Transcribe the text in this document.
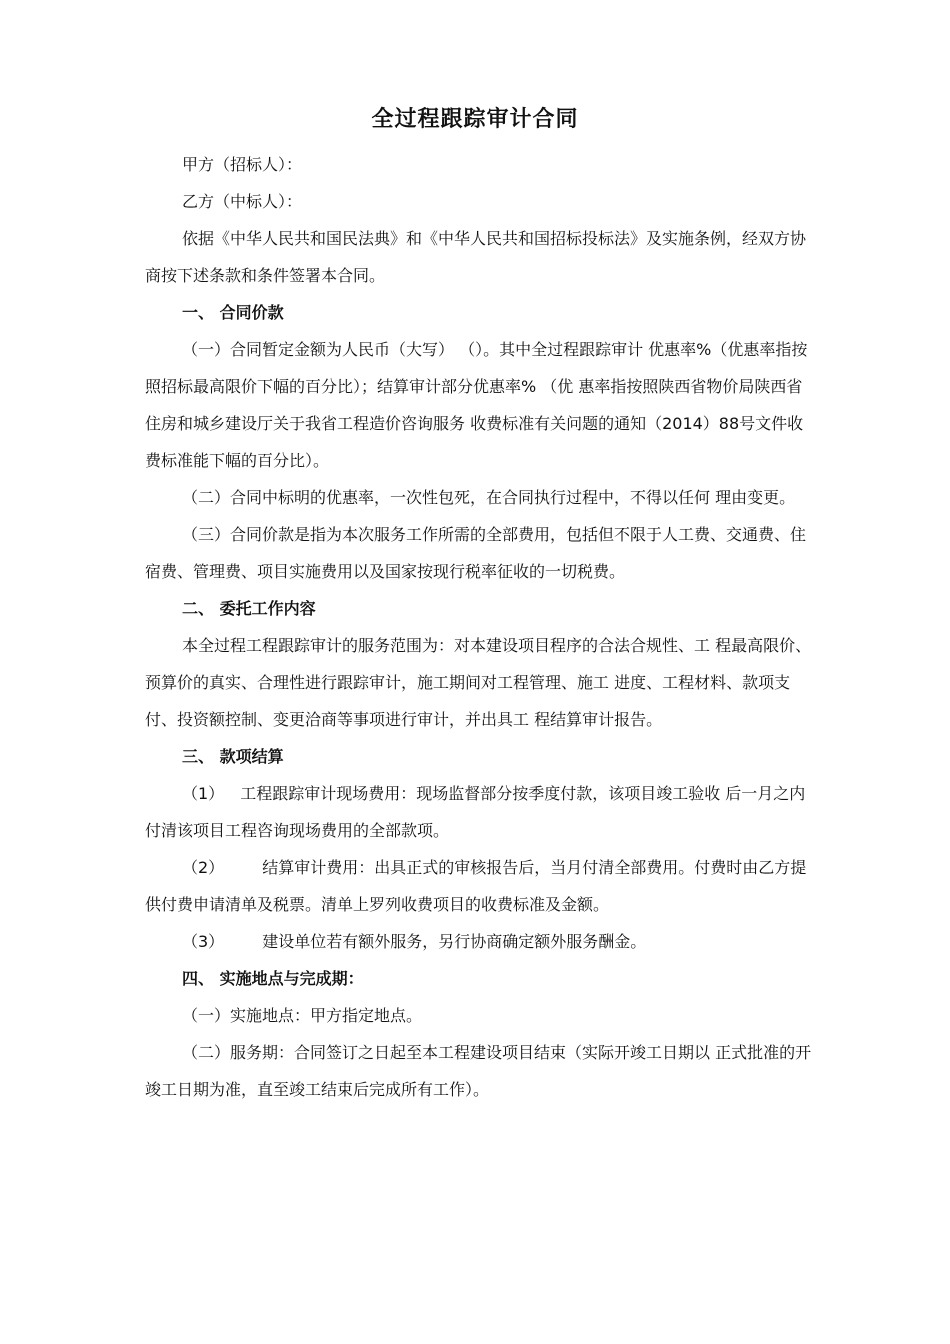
全过程跟踪审计合同

甲方（招标人）：

乙方（中标人）：

依据《中华人民共和国民法典》和《中华人民共和国招标投标法》及实施条例，经双方协商按下述条款和条件签署本合同。

一、 合同价款

（一）合同暂定金额为人民币（大写） （）。其中全过程跟踪审计 优惠率%（优惠率指按照招标最高限价下幅的百分比）；结算审计部分优惠率% （优 惠率指按照陕西省物价局陕西省住房和城乡建设厅关于我省工程造价咨询服务 收费标准有关问题的通知（2014）88号文件收费标准能下幅的百分比）。

（二）合同中标明的优惠率，一次性包死，在合同执行过程中，不得以任何 理由变更。

（三）合同价款是指为本次服务工作所需的全部费用，包括但不限于人工费、交通费、住宿费、管理费、项目实施费用以及国家按现行税率征收的一切税费。

二、 委托工作内容

本全过程工程跟踪审计的服务范围为：对本建设项目程序的合法合规性、工 程最高限价、预算价的真实、合理性进行跟踪审计，施工期间对工程管理、施工 进度、工程材料、款项支付、投资额控制、变更洽商等事项进行审计，并出具工 程结算审计报告。

三、 款项结算

（1） 工程跟踪审计现场费用：现场监督部分按季度付款，该项目竣工验收 后一月之内付清该项目工程咨询现场费用的全部款项。

（2） 结算审计费用：出具正式的审核报告后，当月付清全部费用。付费时由乙方提供付费申请清单及税票。清单上罗列收费项目的收费标准及金额。

（3） 建设单位若有额外服务，另行协商确定额外服务酬金。

四、 实施地点与完成期：

（一）实施地点：甲方指定地点。

（二）服务期：合同签订之日起至本工程建设项目结束（实际开竣工日期以 正式批准的开竣工日期为准，直至竣工结束后完成所有工作）。
